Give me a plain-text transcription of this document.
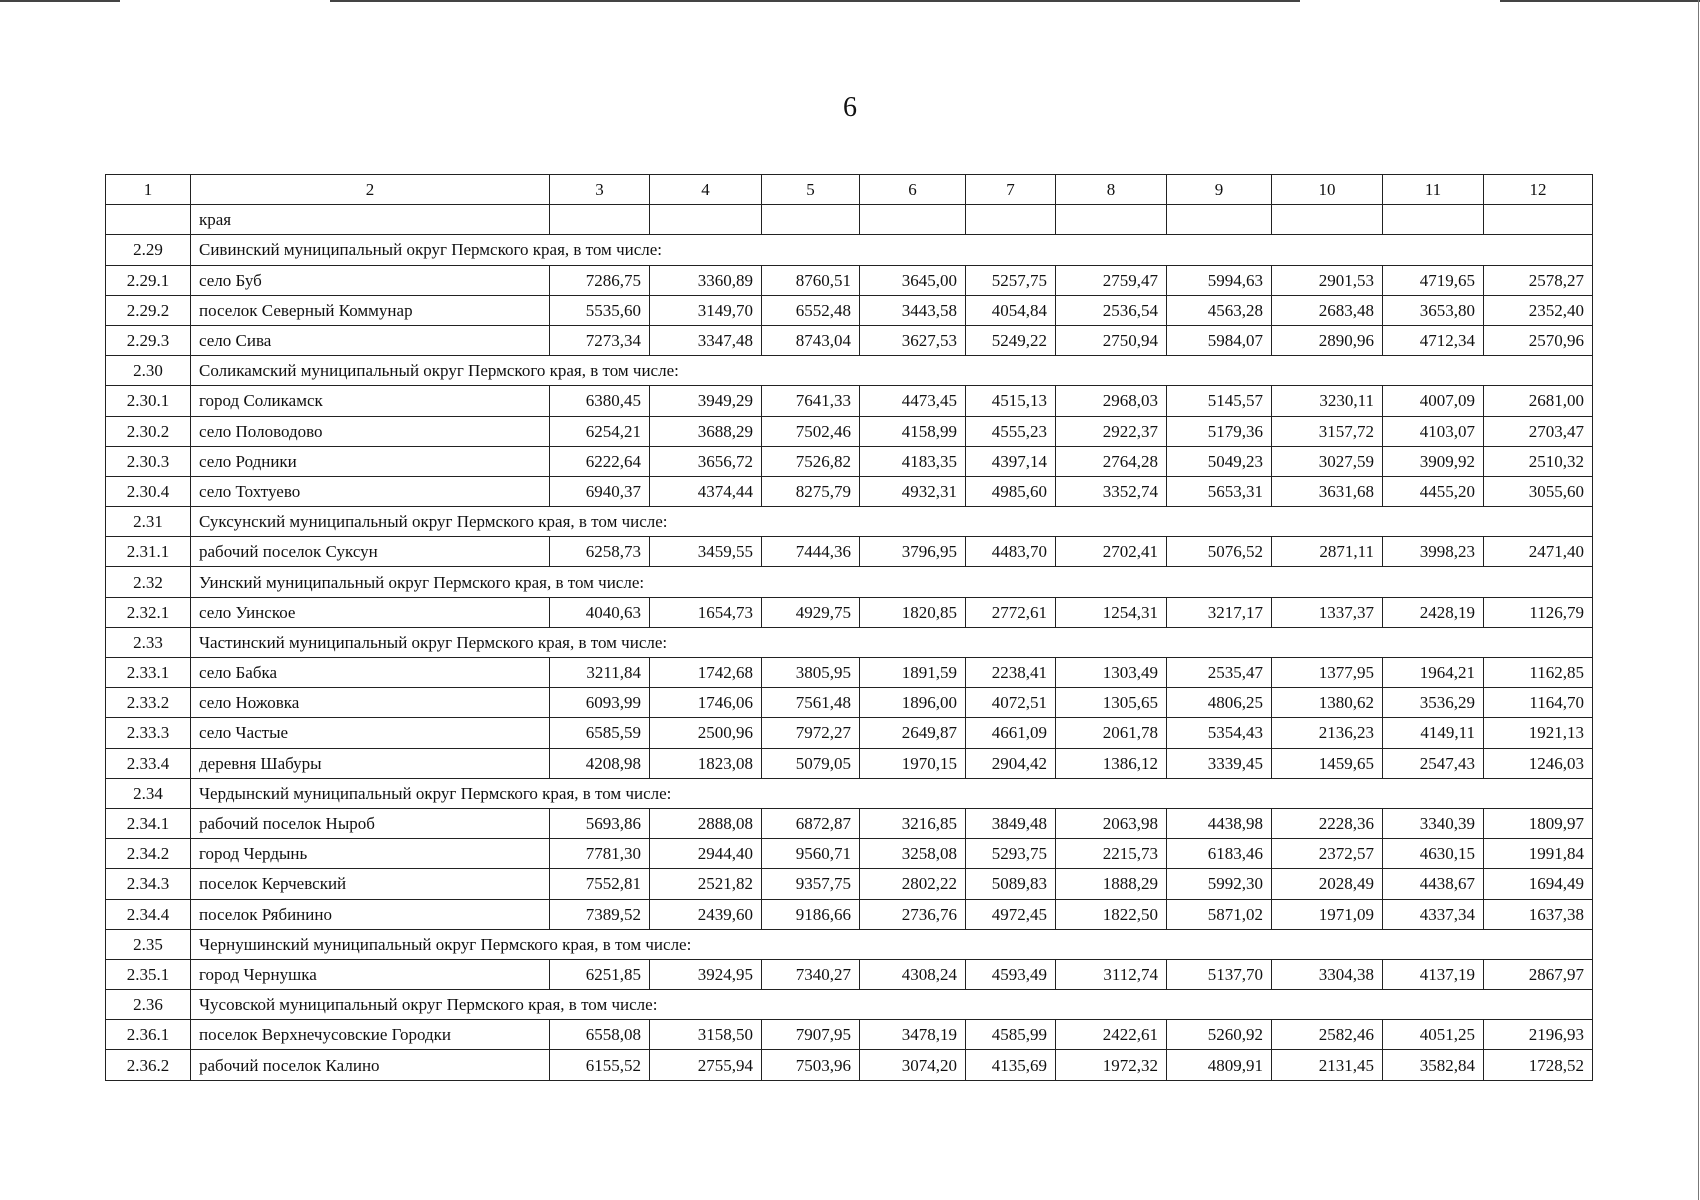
6
1	2	3	4	5	6	7	8	9	10	11	12
	края										
2.29	Сивинский муниципальный округ Пермского края, в том числе:										
2.29.1	село Буб	7286,75	3360,89	8760,51	3645,00	5257,75	2759,47	5994,63	2901,53	4719,65	2578,27
2.29.2	поселок Северный Коммунар	5535,60	3149,70	6552,48	3443,58	4054,84	2536,54	4563,28	2683,48	3653,80	2352,40
2.29.3	село Сива	7273,34	3347,48	8743,04	3627,53	5249,22	2750,94	5984,07	2890,96	4712,34	2570,96
2.30	Соликамский муниципальный округ Пермского края, в том числе:										
2.30.1	город Соликамск	6380,45	3949,29	7641,33	4473,45	4515,13	2968,03	5145,57	3230,11	4007,09	2681,00
2.30.2	село Половодово	6254,21	3688,29	7502,46	4158,99	4555,23	2922,37	5179,36	3157,72	4103,07	2703,47
2.30.3	село Родники	6222,64	3656,72	7526,82	4183,35	4397,14	2764,28	5049,23	3027,59	3909,92	2510,32
2.30.4	село Тохтуево	6940,37	4374,44	8275,79	4932,31	4985,60	3352,74	5653,31	3631,68	4455,20	3055,60
2.31	Суксунский муниципальный округ Пермского края, в том числе:										
2.31.1	рабочий поселок Суксун	6258,73	3459,55	7444,36	3796,95	4483,70	2702,41	5076,52	2871,11	3998,23	2471,40
2.32	Уинский муниципальный округ Пермского края, в том числе:										
2.32.1	село Уинское	4040,63	1654,73	4929,75	1820,85	2772,61	1254,31	3217,17	1337,37	2428,19	1126,79
2.33	Частинский муниципальный округ Пермского края, в том числе:										
2.33.1	село Бабка	3211,84	1742,68	3805,95	1891,59	2238,41	1303,49	2535,47	1377,95	1964,21	1162,85
2.33.2	село Ножовка	6093,99	1746,06	7561,48	1896,00	4072,51	1305,65	4806,25	1380,62	3536,29	1164,70
2.33.3	село Частые	6585,59	2500,96	7972,27	2649,87	4661,09	2061,78	5354,43	2136,23	4149,11	1921,13
2.33.4	деревня Шабуры	4208,98	1823,08	5079,05	1970,15	2904,42	1386,12	3339,45	1459,65	2547,43	1246,03
2.34	Чердынский муниципальный округ Пермского края, в том числе:										
2.34.1	рабочий поселок Ныроб	5693,86	2888,08	6872,87	3216,85	3849,48	2063,98	4438,98	2228,36	3340,39	1809,97
2.34.2	город Чердынь	7781,30	2944,40	9560,71	3258,08	5293,75	2215,73	6183,46	2372,57	4630,15	1991,84
2.34.3	поселок Керчевский	7552,81	2521,82	9357,75	2802,22	5089,83	1888,29	5992,30	2028,49	4438,67	1694,49
2.34.4	поселок Рябинино	7389,52	2439,60	9186,66	2736,76	4972,45	1822,50	5871,02	1971,09	4337,34	1637,38
2.35	Чернушинский муниципальный округ Пермского края, в том числе:										
2.35.1	город Чернушка	6251,85	3924,95	7340,27	4308,24	4593,49	3112,74	5137,70	3304,38	4137,19	2867,97
2.36	Чусовской муниципальный округ Пермского края, в том числе:										
2.36.1	поселок Верхнечусовские Городки	6558,08	3158,50	7907,95	3478,19	4585,99	2422,61	5260,92	2582,46	4051,25	2196,93
2.36.2	рабочий поселок Калино	6155,52	2755,94	7503,96	3074,20	4135,69	1972,32	4809,91	2131,45	3582,84	1728,52
